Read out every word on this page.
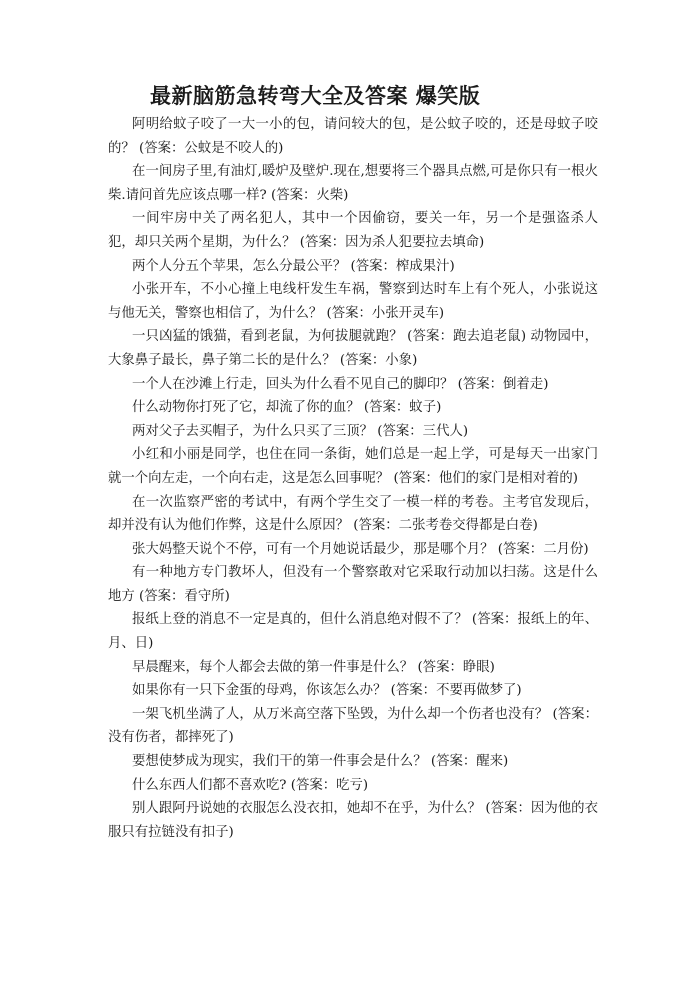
最新脑筋急转弯大全及答案 爆笑版

阿明给蚊子咬了一大一小的包，请问较大的包，是公蚊子咬的，还是母蚊子咬的？ (答案：公蚊是不咬人的)

在一间房子里,有油灯,暖炉及壁炉.现在,想要将三个器具点燃,可是你只有一根火柴.请问首先应该点哪一样? (答案：火柴)

一间牢房中关了两名犯人，其中一个因偷窃，要关一年，另一个是强盗杀人犯，却只关两个星期，为什么？ (答案：因为杀人犯要拉去填命)

两个人分五个苹果，怎么分最公平？ (答案：榨成果汁)

小张开车，不小心撞上电线杆发生车祸，警察到达时车上有个死人，小张说这与他无关，警察也相信了，为什么？ (答案：小张开灵车)

一只凶猛的饿猫，看到老鼠，为何拔腿就跑？ (答案：跑去追老鼠) 动物园中，大象鼻子最长，鼻子第二长的是什么？ (答案：小象)

一个人在沙滩上行走，回头为什么看不见自己的脚印？ (答案：倒着走)

什么动物你打死了它，却流了你的血？ (答案：蚊子)

两对父子去买帽子，为什么只买了三顶？ (答案：三代人)

小红和小丽是同学，也住在同一条街，她们总是一起上学，可是每天一出家门就一个向左走，一个向右走，这是怎么回事呢？ (答案：他们的家门是相对着的)

在一次监察严密的考试中，有两个学生交了一模一样的考卷。主考官发现后，却并没有认为他们作弊，这是什么原因？ (答案：二张考卷交得都是白卷)

张大妈整天说个不停，可有一个月她说话最少，那是哪个月？ (答案：二月份)

有一种地方专门教坏人，但没有一个警察敢对它采取行动加以扫荡。这是什么地方 (答案：看守所)

报纸上登的消息不一定是真的，但什么消息绝对假不了？ (答案：报纸上的年、月、日)

早晨醒来，每个人都会去做的第一件事是什么？ (答案：睁眼)

如果你有一只下金蛋的母鸡，你该怎么办？ (答案：不要再做梦了)

一架飞机坐满了人，从万米高空落下坠毁，为什么却一个伤者也没有？ (答案：没有伤者，都摔死了)

要想使梦成为现实，我们干的第一件事会是什么？ (答案：醒来)

什么东西人们都不喜欢吃? (答案：吃亏)

别人跟阿丹说她的衣服怎么没衣扣，她却不在乎，为什么？ (答案：因为他的衣服只有拉链没有扣子)
